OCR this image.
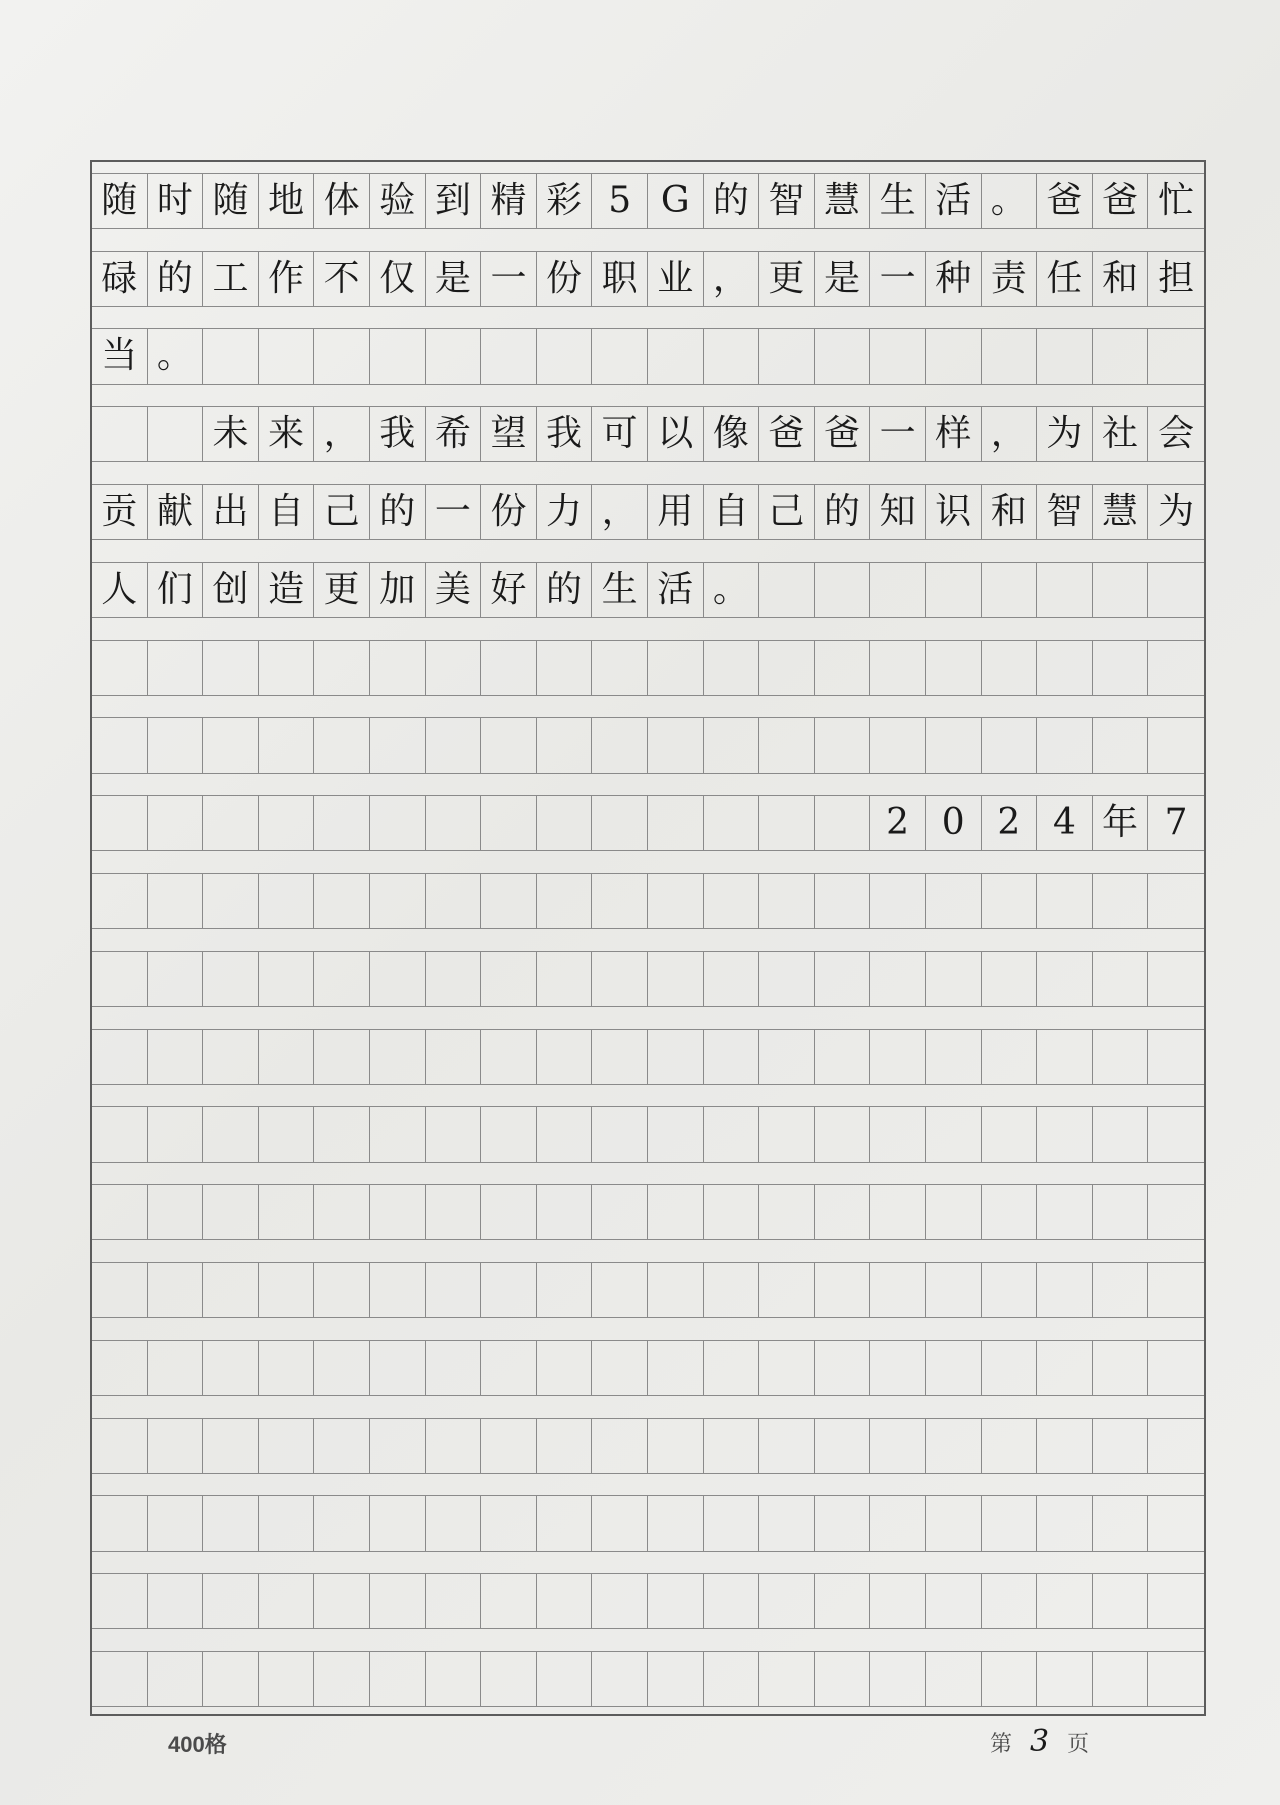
随 时 随 地 体 验 到 精 彩 5 G 的 智 慧 生 活 。 爸 爸 忙
碌 的 工 作 不 仅 是 一 份 职 业 ， 更 是 一 种 责 任 和 担
当 。
未 来 ， 我 希 望 我 可 以 像 爸 爸 一 样 ， 为 社 会
贡 献 出 自 己 的 一 份 力 ， 用 自 己 的 知 识 和 智 慧 为
人 们 创 造 更 加 美 好 的 生 活 。
2 0 2 4 年 7
400格	第 3 页
